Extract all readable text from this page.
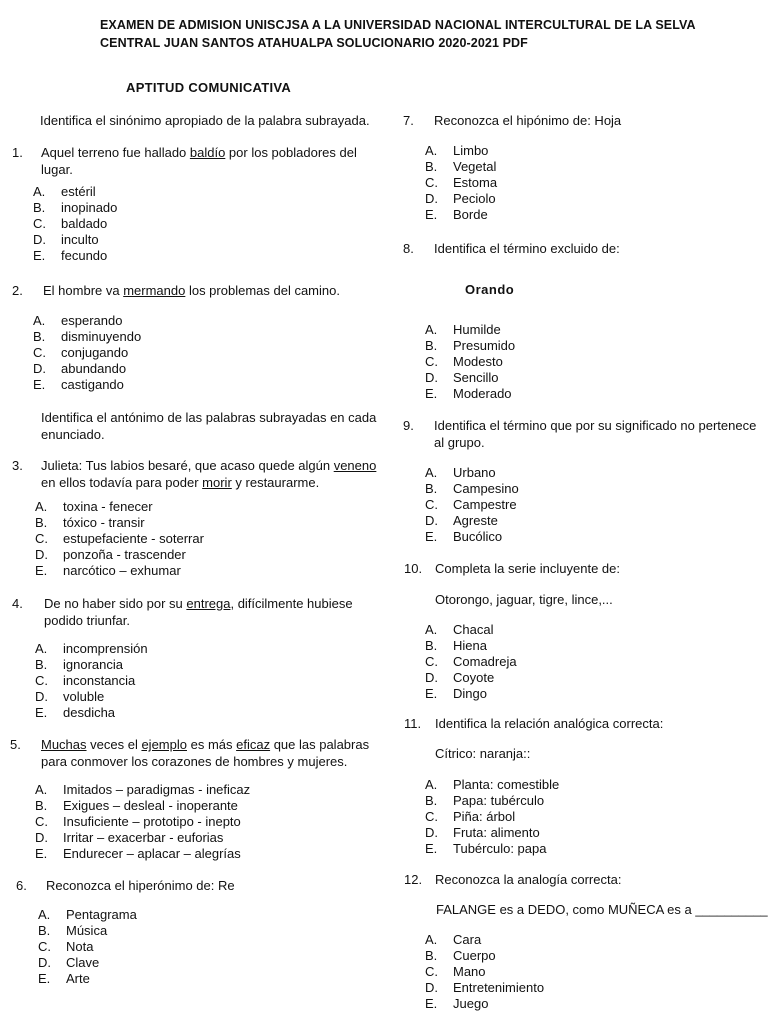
EXAMEN DE ADMISION UNISCJSA A LA UNIVERSIDAD NACIONAL INTERCULTURAL DE LA SELVA
CENTRAL JUAN SANTOS ATAHUALPA SOLUCIONARIO 2020-2021 PDF
APTITUD COMUNICATIVA
Identifica el sinónimo apropiado de la palabra subrayada.
1. Aquel terreno fue hallado baldío por los pobladores del
lugar.
A. estéril
B. inopinado
C. baldado
D. inculto
E. fecundo
2. El hombre va mermando los problemas del camino.
A. esperando
B. disminuyendo
C. conjugando
D. abundando
E. castigando
Identifica el antónimo de las palabras subrayadas en cada
enunciado.
3. Julieta: Tus labios besaré, que acaso quede algún veneno
en ellos todavía para poder morir y restaurarme.
A. toxina - fenecer
B. tóxico - transir
C. estupefaciente - soterrar
D. ponzoña - trascender
E. narcótico – exhumar
4. De no haber sido por su entrega, difícilmente hubiese
podido triunfar.
A. incomprensión
B. ignorancia
C. inconstancia
D. voluble
E. desdicha
5. Muchas veces el ejemplo es más eficaz que las palabras
para conmover los corazones de hombres y mujeres.
A. Imitados – paradigmas - ineficaz
B. Exigues – desleal - inoperante
C. Insuficiente – prototipo - inepto
D. Irritar – exacerbar - euforias
E. Endurecer – aplacar – alegrías
6. Reconozca el hiperónimo de: Re
A. Pentagrama
B. Música
C. Nota
D. Clave
E. Arte
7. Reconozca el hipónimo de: Hoja
A. Limbo
B. Vegetal
C. Estoma
D. Peciolo
E. Borde
8. Identifica el término excluido de:
Orando
A. Humilde
B. Presumido
C. Modesto
D. Sencillo
E. Moderado
9. Identifica el término que por su significado no pertenece
al grupo.
A. Urbano
B. Campesino
C. Campestre
D. Agreste
E. Bucólico
10. Completa la serie incluyente de:
Otorongo, jaguar, tigre, lince,...
A. Chacal
B. Hiena
C. Comadreja
D. Coyote
E. Dingo
11. Identifica la relación analógica correcta:
Cítrico: naranja::
A. Planta: comestible
B. Papa: tubérculo
C. Piña: árbol
D. Fruta: alimento
E. Tubérculo: papa
12. Reconozca la analogía correcta:
FALANGE es a DEDO, como MUÑECA es a __________
A. Cara
B. Cuerpo
C. Mano
D. Entretenimiento
E. Juego
